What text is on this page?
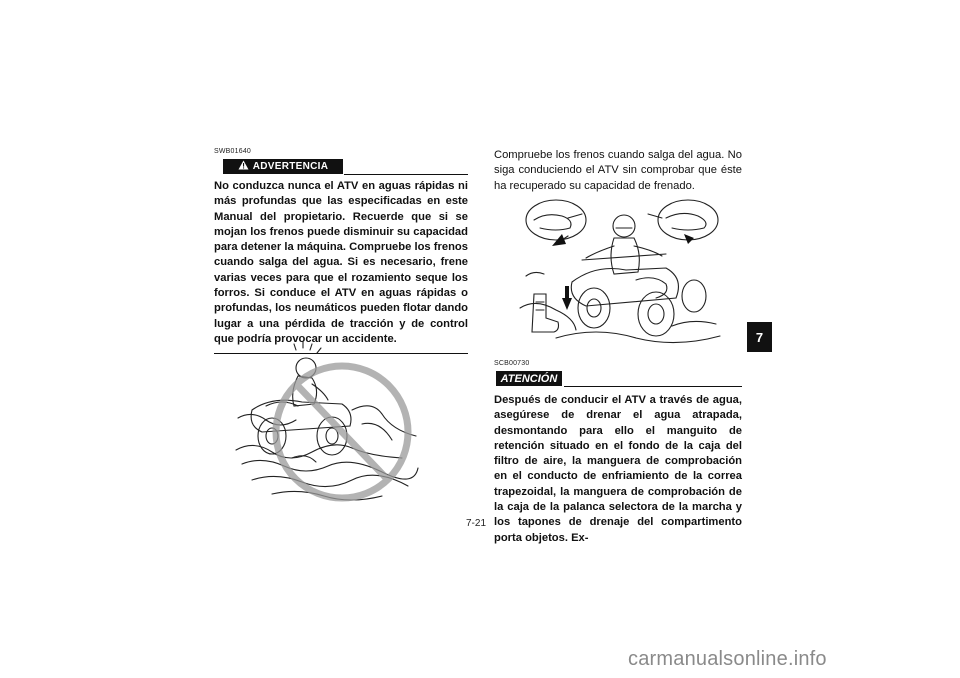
SWB01640
ADVERTENCIA
No conduzca nunca el ATV en aguas rápidas ni más profundas que las especificadas en este Manual del propietario. Recuerde que si se mojan los frenos puede disminuir su capacidad para detener la máquina. Compruebe los frenos cuando salga del agua. Si es necesario, frene varias veces para que el rozamiento seque los forros. Si conduce el ATV en aguas rápidas o profundas, los neumáticos pueden flotar dando lugar a una pérdida de tracción y de control que podría provocar un accidente.

Compruebe los frenos cuando salga del agua. No siga conduciendo el ATV sin comprobar que éste ha recuperado su capacidad de frenado.

SCB00730
ATENCIÓN
Después de conducir el ATV a través de agua, asegúrese de drenar el agua atrapada, desmontando para ello el manguito de retención situado en el fondo de la caja del filtro de aire, la manguera de comprobación en el conducto de enfriamiento de la correa trapezoidal, la manguera de comprobación de la caja de la palanca selectora de la marcha y los tapones de drenaje del compartimento porta objetos. Ex-
7-21
7
carmanualsonline.info
